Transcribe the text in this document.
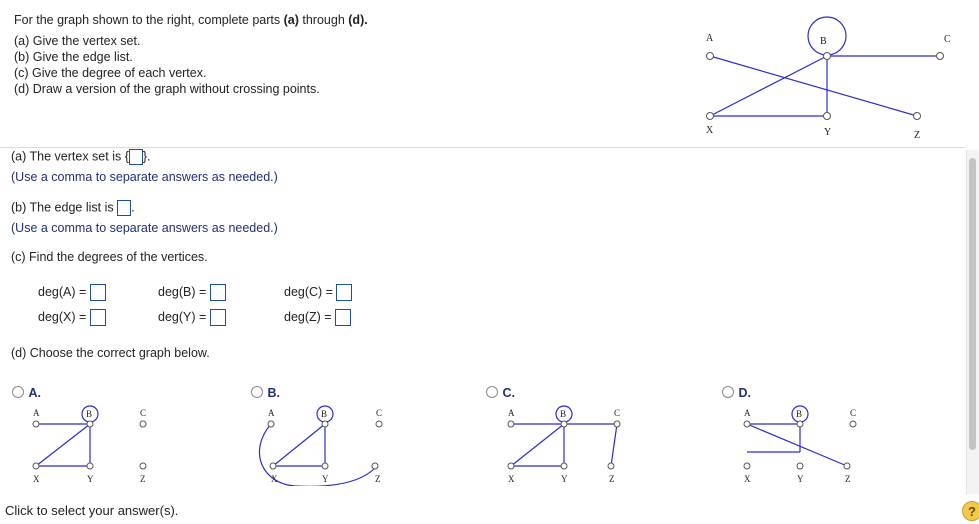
For the graph shown to the right, complete parts (a) through (d).
(a) Give the vertex set.
(b) Give the edge list.
(c) Give the degree of each vertex.
(d) Draw a version of the graph without crossing points.
A	B	C
X	Y	Z
(a) The vertex set is { }.
(Use a comma to separate answers as needed.)
(b) The edge list is .
(Use a comma to separate answers as needed.)
(c) Find the degrees of the vertices.
deg(A) =	deg(B) =	deg(C) =
deg(X) =	deg(Y) =	deg(Z) =
(d) Choose the correct graph below.
A.
A	B	C
X	Y	Z
B.
A	B	C
X	Y	Z
C.
A	B	C
X	Y	Z
D.
A	B	C
X	Y	Z
Click to select your answer(s).	?
